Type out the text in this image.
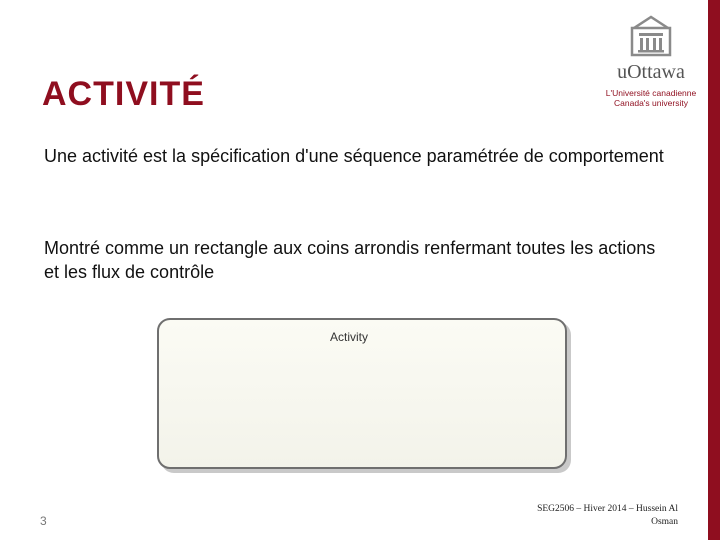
ACTIVITÉ
uOttawa
L'Université canadienne
Canada's university
Une activité est la spécification d'une séquence paramétrée de comportement
Montré comme un rectangle aux coins arrondis renfermant toutes les actions et les flux de contrôle
Activity
3
SEG2506 – Hiver 2014 – Hussein Al Osman
